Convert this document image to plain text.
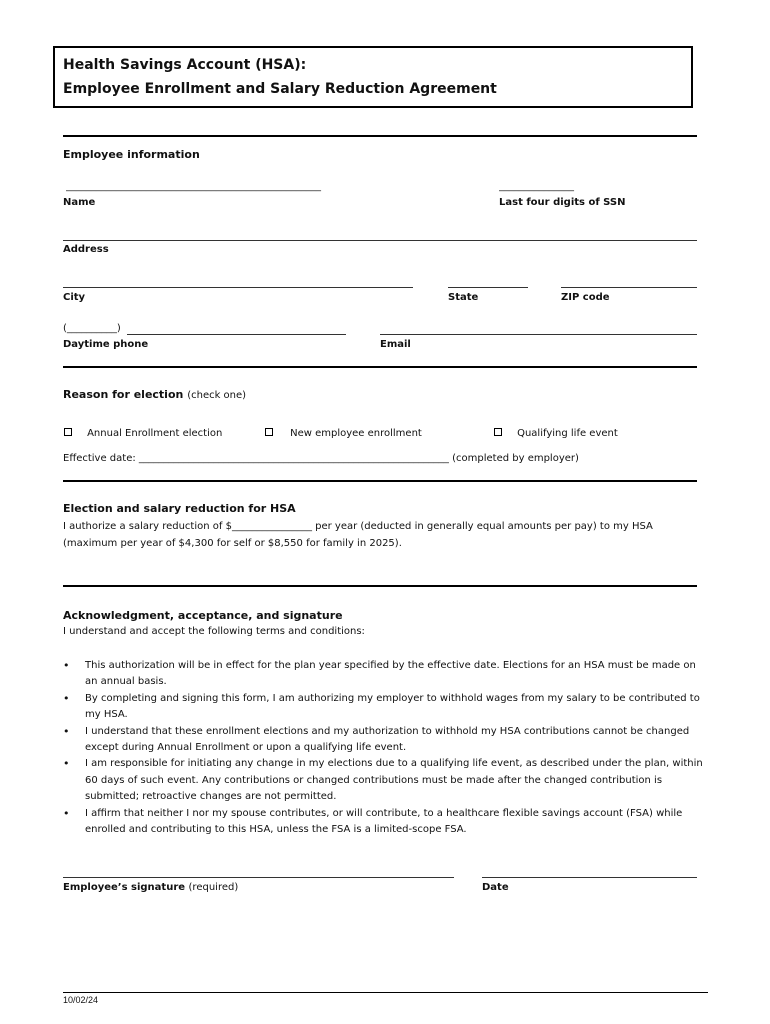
Health Savings Account (HSA):
Employee Enrollment and Salary Reduction Agreement
Employee information
___________________________________________________	_______________
Name	Last four digits of SSN
Address
City	State	ZIP code
(__________)
Daytime phone	Email
Reason for election (check one)
Annual Enrollment election	New employee enrollment	Qualifying life event
Effective date: ______________________________________________________________ (completed by employer)
Election and salary reduction for HSA
I authorize a salary reduction of $________________ per year (deducted in generally equal amounts per pay) to my HSA
(maximum per year of $4,300 for self or $8,550 for family in 2025).
Acknowledgment, acceptance, and signature
I understand and accept the following terms and conditions:
• This authorization will be in effect for the plan year specified by the effective date. Elections for an HSA must be made on an annual basis.
• By completing and signing this form, I am authorizing my employer to withhold wages from my salary to be contributed to my HSA.
• I understand that these enrollment elections and my authorization to withhold my HSA contributions cannot be changed except during Annual Enrollment or upon a qualifying life event.
• I am responsible for initiating any change in my elections due to a qualifying life event, as described under the plan, within 60 days of such event. Any contributions or changed contributions must be made after the changed contribution is submitted; retroactive changes are not permitted.
• I affirm that neither I nor my spouse contributes, or will contribute, to a healthcare flexible savings account (FSA) while enrolled and contributing to this HSA, unless the FSA is a limited-scope FSA.
Employee’s signature (required)	Date
10/02/24
